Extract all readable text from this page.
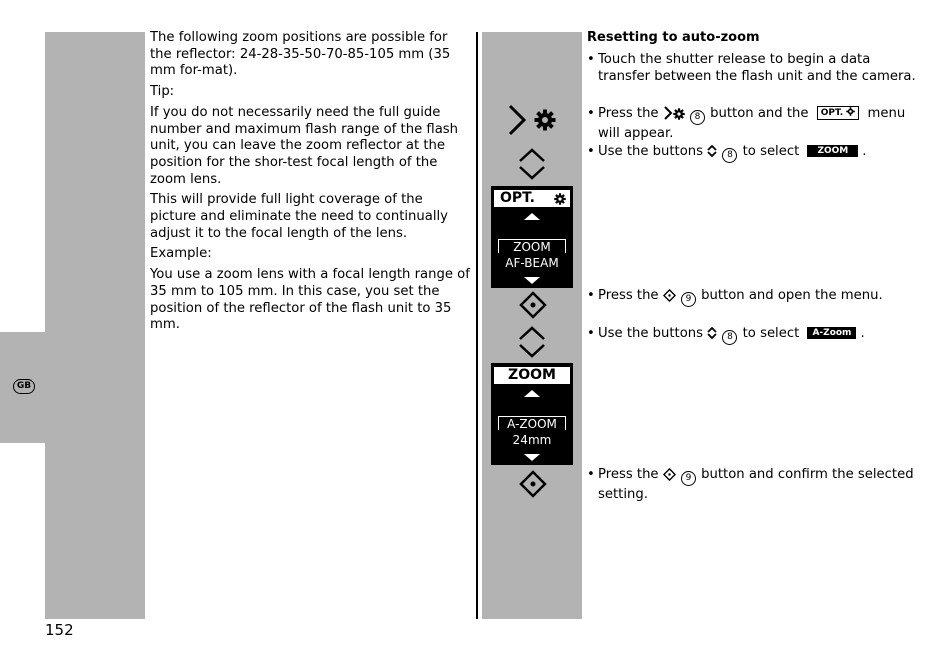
GB

The following zoom positions are possible for the reflector: 24-28-35-50-70-85-105 mm (35 mm for-mat).

Tip:

If you do not necessarily need the full guide number and maximum flash range of the flash unit, you can leave the zoom reflector at the position for the shor-test focal length of the zoom lens.

This will provide full light coverage of the picture and eliminate the need to continually adjust it to the focal length of the lens.

Example:

You use a zoom lens with a focal length range of 35 mm to 105 mm. In this case, you set the position of the reflector of the flash unit to 35 mm.

152
OPT.
ZOOM
AF-BEAM
ZOOM
A-ZOOM
24mm
Resetting to auto-zoom
• Touch the shutter release to begin a data transfer between the flash unit and the camera.
• Press the	8 button and the OPT. menu will appear.
• Use the buttons	8 to select ZOOM .
• Press the	9 button and open the menu.
• Use the buttons	8 to select A-Zoom .
• Press the	9 button and confirm the selected setting.
